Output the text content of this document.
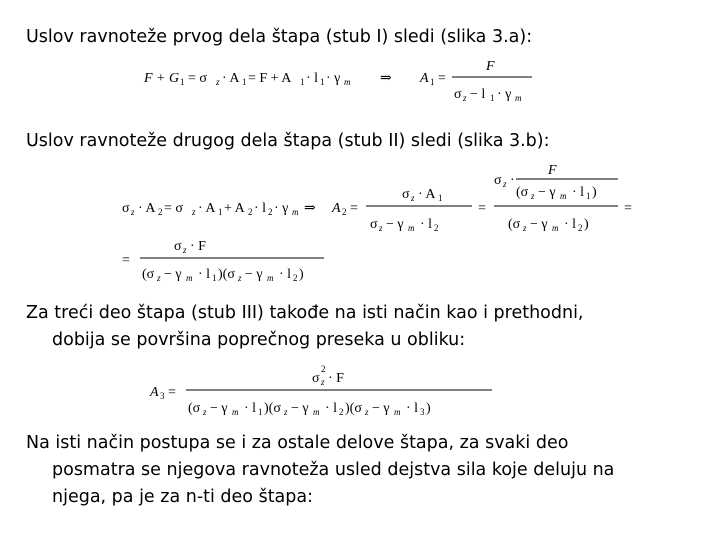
Uslov ravnoteže prvog dela štapa (stub I) sledi (slika 3.a):

F + G 1 = σ z · A 1 = F + A 1 · l 1 · γ m ⇒ A 1 =
F
σ z − l 1 · γ m

Uslov ravnoteže drugog dela štapa (stub II) sledi (slika 3.b):

σ z · A 2 = σ z · A 1 + A 2 · l 2 · γ m ⇒ A 2 =
σ z · A 1
σ z − γ m · l 2
=
σ z ·
F
(σ z − γ m · l 1 )
(σ z − γ m · l 2 )
=
=
σ z · F
(σ z − γ m · l 1 )(σ z − γ m · l 2 )

Za treći deo štapa (stub III) takođe na isti način kao i prethodni,
dobija se površina poprečnog preseka u obliku:

A 3 =
σ z
2
· F
(σ z − γ m · l 1 )(σ z − γ m · l 2 )(σ z − γ m · l 3 )

Na isti način postupa se i za ostale delove štapa, za svaki deo
posmatra se njegova ravnoteža usled dejstva sila koje deluju na
njega, pa je za n-ti deo štapa:
